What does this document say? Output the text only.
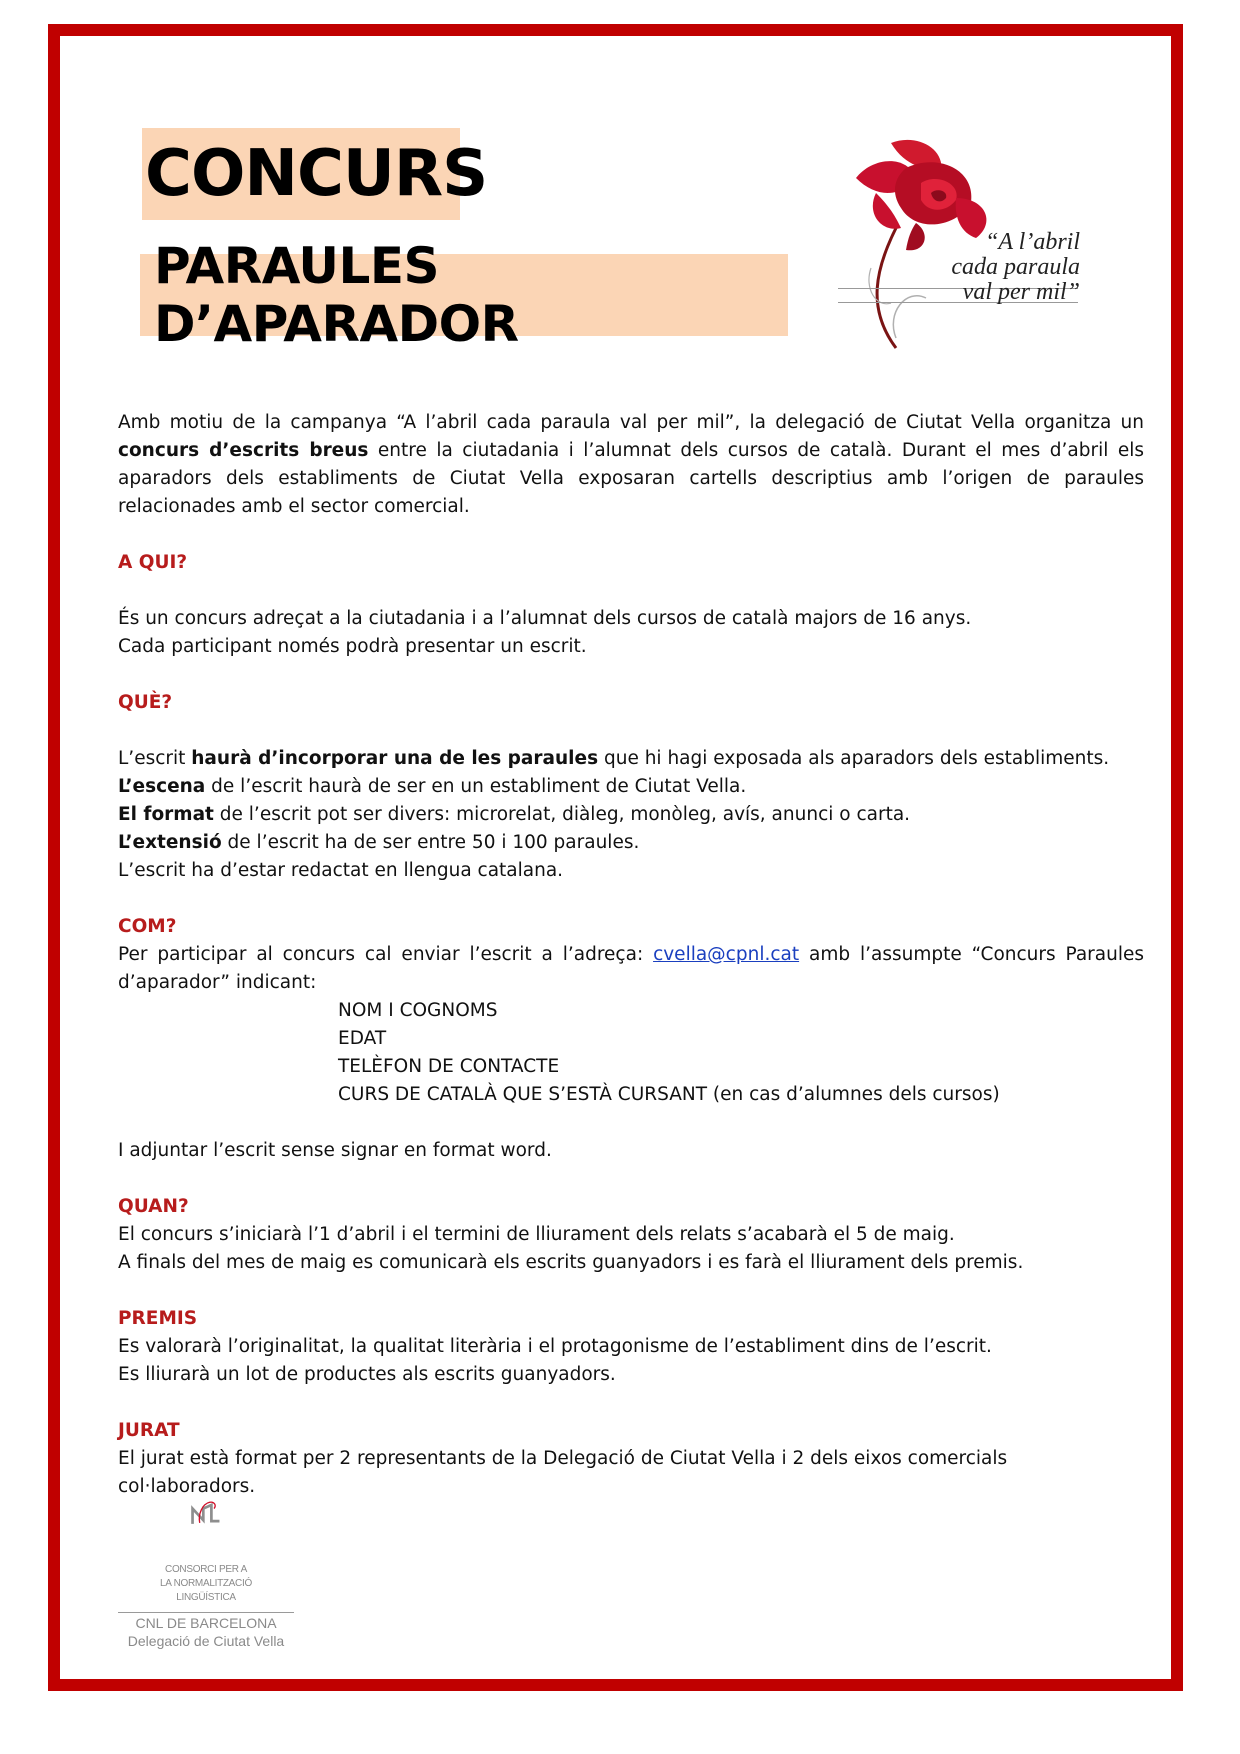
CONCURS
PARAULES D’APARADOR
“A l’abril
cada paraula
val per mil”

Amb motiu de la campanya “A l’abril cada paraula val per mil”, la delegació de Ciutat Vella organitza un concurs d’escrits breus entre la ciutadania i l’alumnat dels cursos de català. Durant el mes d’abril els aparadors dels establiments de Ciutat Vella exposaran cartells descriptius amb l’origen de paraules relacionades amb el sector comercial.

A QUI?

És un concurs adreçat a la ciutadania i a l’alumnat dels cursos de català majors de 16 anys.

Cada participant només podrà presentar un escrit.

QUÈ?

L’escrit haurà d’incorporar una de les paraules que hi hagi exposada als aparadors dels establiments.

L’escena de l’escrit haurà de ser en un establiment de Ciutat Vella.

El format de l’escrit pot ser divers: microrelat, diàleg, monòleg, avís, anunci o carta.

L’extensió de l’escrit ha de ser entre 50 i 100 paraules.

L’escrit ha d’estar redactat en llengua catalana.

COM?

Per participar al concurs cal enviar l’escrit a l’adreça: cvella@cpnl.cat amb l’assumpte “Concurs Paraules d’aparador” indicant:

NOM I COGNOMS

EDAT

TELÈFON DE CONTACTE

CURS DE CATALÀ QUE S’ESTÀ CURSANT (en cas d’alumnes dels cursos)

I adjuntar l’escrit sense signar en format word.

QUAN?

El concurs s’iniciarà l’1 d’abril i el termini de lliurament dels relats s’acabarà el 5 de maig.

A finals del mes de maig es comunicarà els escrits guanyadors i es farà el lliurament dels premis.

PREMIS

Es valorarà l’originalitat, la qualitat literària i el protagonisme de l’establiment dins de l’escrit.

Es lliurarà un lot de productes als escrits guanyadors.

JURAT

El jurat està format per 2 representants de la Delegació de Ciutat Vella i 2 dels eixos comercials col·laboradors.

CONSORCI PER A
LA NORMALITZACIÓ
LINGÜÍSTICA
CNL DE BARCELONA
Delegació de Ciutat Vella
